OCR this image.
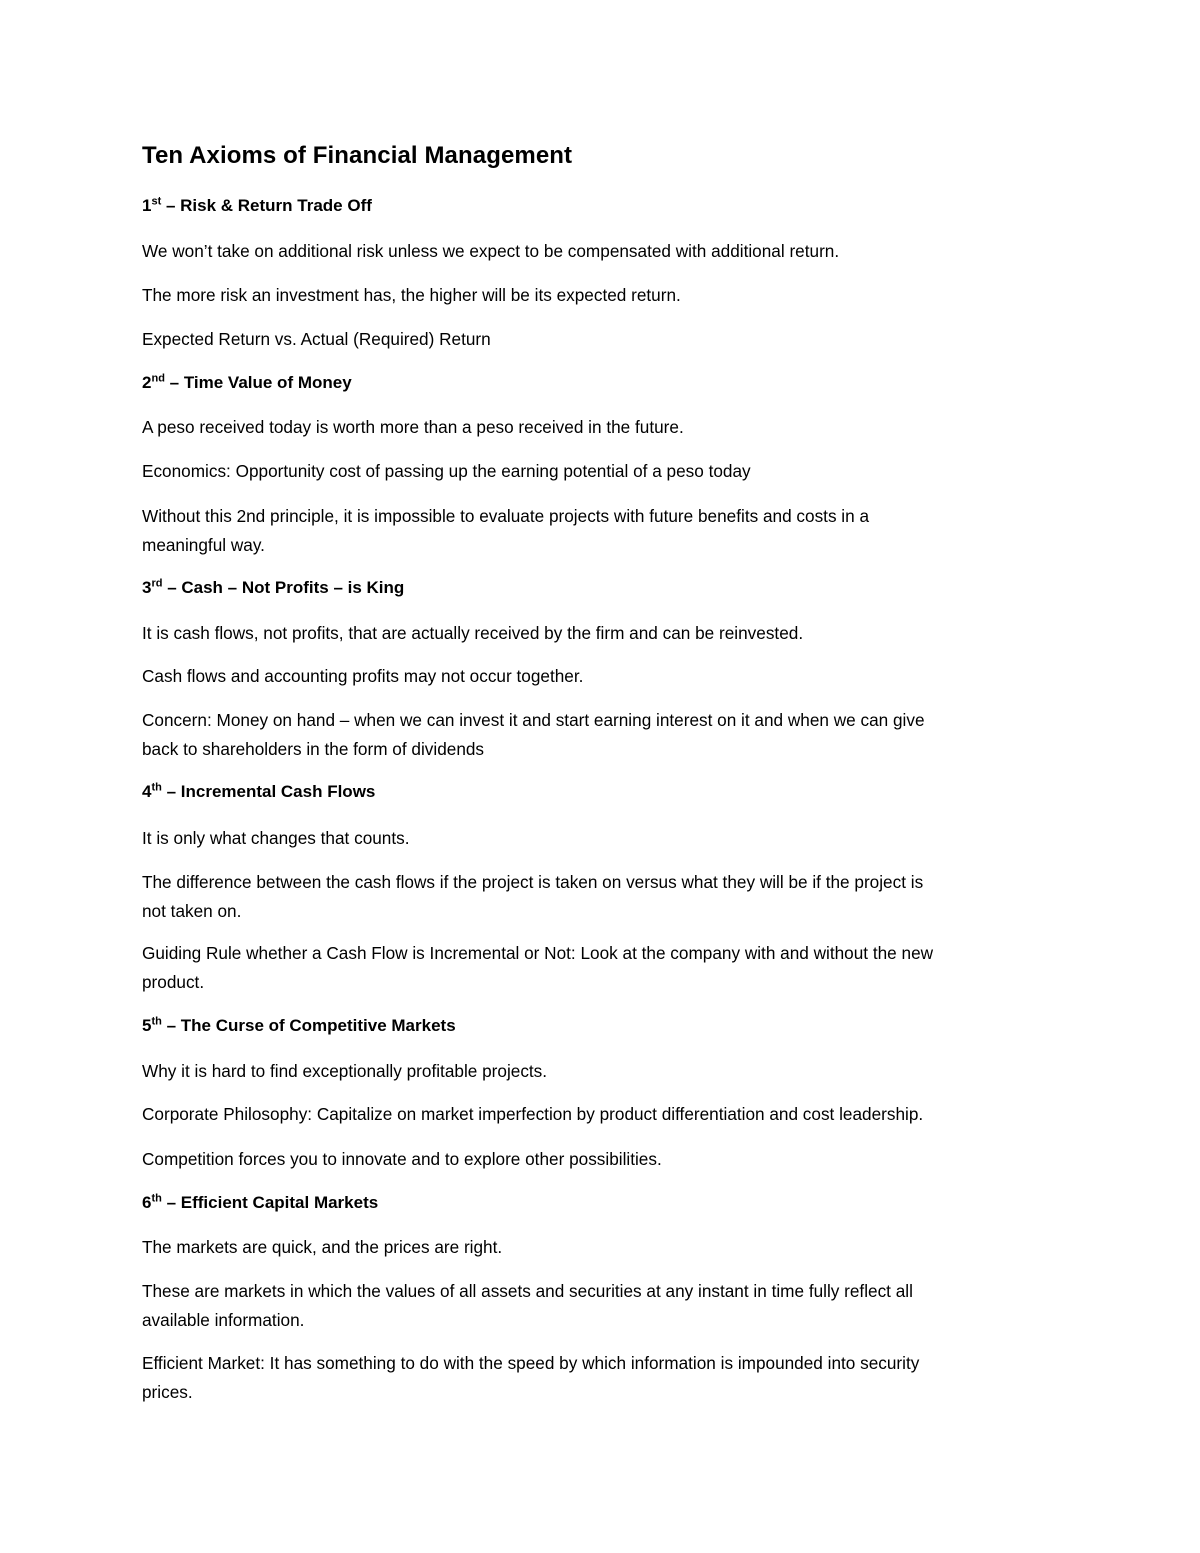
Ten Axioms of Financial Management
1st – Risk & Return Trade Off
We won’t take on additional risk unless we expect to be compensated with additional return.
The more risk an investment has, the higher will be its expected return.
Expected Return vs. Actual (Required) Return
2nd – Time Value of Money
A peso received today is worth more than a peso received in the future.
Economics: Opportunity cost of passing up the earning potential of a peso today
Without this 2nd principle, it is impossible to evaluate projects with future benefits and costs in a
meaningful way.
3rd – Cash – Not Profits – is King
It is cash flows, not profits, that are actually received by the firm and can be reinvested.
Cash flows and accounting profits may not occur together.
Concern: Money on hand – when we can invest it and start earning interest on it and when we can give
back to shareholders in the form of dividends
4th – Incremental Cash Flows
It is only what changes that counts.
The difference between the cash flows if the project is taken on versus what they will be if the project is
not taken on.
Guiding Rule whether a Cash Flow is Incremental or Not: Look at the company with and without the new
product.
5th – The Curse of Competitive Markets
Why it is hard to find exceptionally profitable projects.
Corporate Philosophy: Capitalize on market imperfection by product differentiation and cost leadership.
Competition forces you to innovate and to explore other possibilities.
6th – Efficient Capital Markets
The markets are quick, and the prices are right.
These are markets in which the values of all assets and securities at any instant in time fully reflect all
available information.
Efficient Market: It has something to do with the speed by which information is impounded into security
prices.
